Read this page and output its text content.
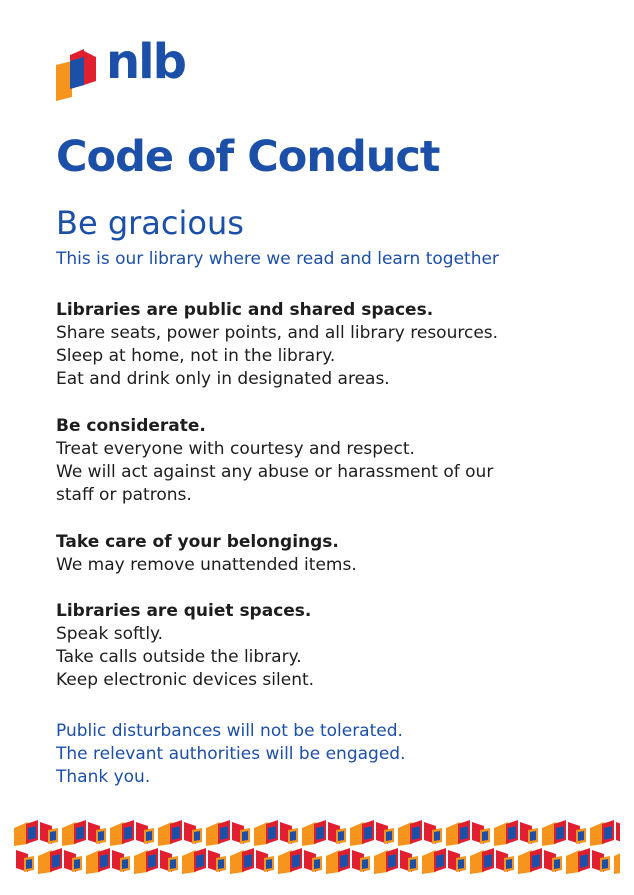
nlb
Code of Conduct
Be gracious
This is our library where we read and learn together
Libraries are public and shared spaces.
Share seats, power points, and all library resources.
Sleep at home, not in the library.
Eat and drink only in designated areas.
Be considerate.
Treat everyone with courtesy and respect.
We will act against any abuse or harassment of our
staff or patrons.
Take care of your belongings.
We may remove unattended items.
Libraries are quiet spaces.
Speak softly.
Take calls outside the library.
Keep electronic devices silent.
Public disturbances will not be tolerated.
The relevant authorities will be engaged.
Thank you.
